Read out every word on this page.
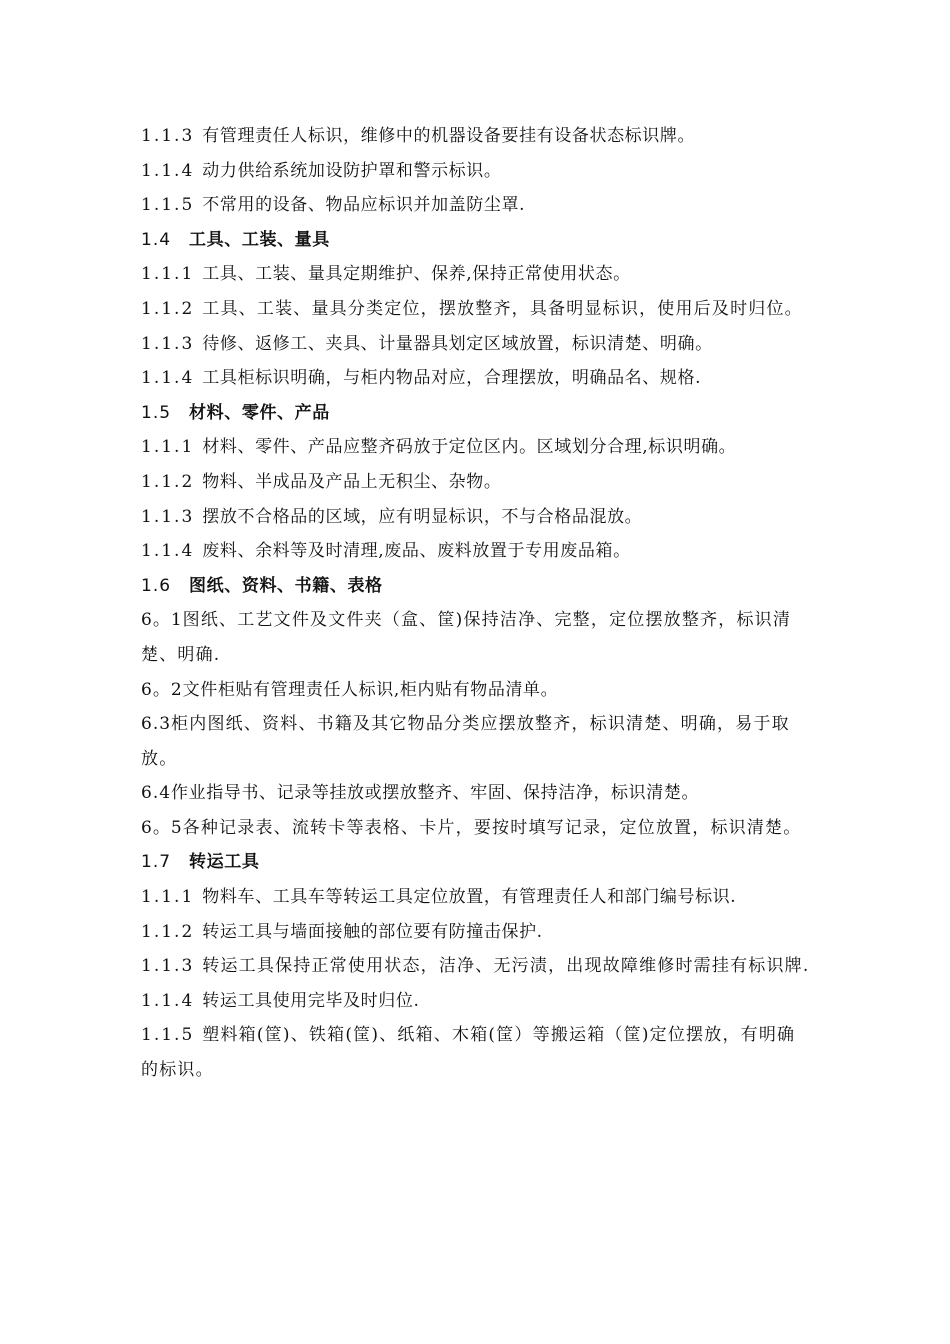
1.1.3 有管理责任人标识，维修中的机器设备要挂有设备状态标识牌。

1.1.4 动力供给系统加设防护罩和警示标识。

1.1.5 不常用的设备、物品应标识并加盖防尘罩.

1.4 工具、工装、量具

1.1.1 工具、工装、量具定期维护、保养,保持正常使用状态。

1.1.2 工具、工装、量具分类定位，摆放整齐，具备明显标识，使用后及时归位。

1.1.3 待修、返修工、夹具、计量器具划定区域放置，标识清楚、明确。

1.1.4 工具柜标识明确，与柜内物品对应，合理摆放，明确品名、规格.

1.5 材料、零件、产品

1.1.1 材料、零件、产品应整齐码放于定位区内。区域划分合理,标识明确。

1.1.2 物料、半成品及产品上无积尘、杂物。

1.1.3 摆放不合格品的区域，应有明显标识，不与合格品混放。

1.1.4 废料、余料等及时清理,废品、废料放置于专用废品箱。

1.6 图纸、资料、书籍、表格

6。1图纸、工艺文件及文件夹（盒、筐)保持洁净、完整，定位摆放整齐，标识清楚、明确.

6。2文件柜贴有管理责任人标识,柜内贴有物品清单。

6.3柜内图纸、资料、书籍及其它物品分类应摆放整齐，标识清楚、明确，易于取放。

6.4作业指导书、记录等挂放或摆放整齐、牢固、保持洁净，标识清楚。

6。5各种记录表、流转卡等表格、卡片，要按时填写记录，定位放置，标识清楚。

1.7 转运工具

1.1.1 物料车、工具车等转运工具定位放置，有管理责任人和部门编号标识.

1.1.2 转运工具与墙面接触的部位要有防撞击保护.

1.1.3 转运工具保持正常使用状态，洁净、无污渍，出现故障维修时需挂有标识牌.

1.1.4 转运工具使用完毕及时归位.

1.1.5 塑料箱(筐)、铁箱(筐)、纸箱、木箱(筐）等搬运箱（筐)定位摆放，有明确的标识。
